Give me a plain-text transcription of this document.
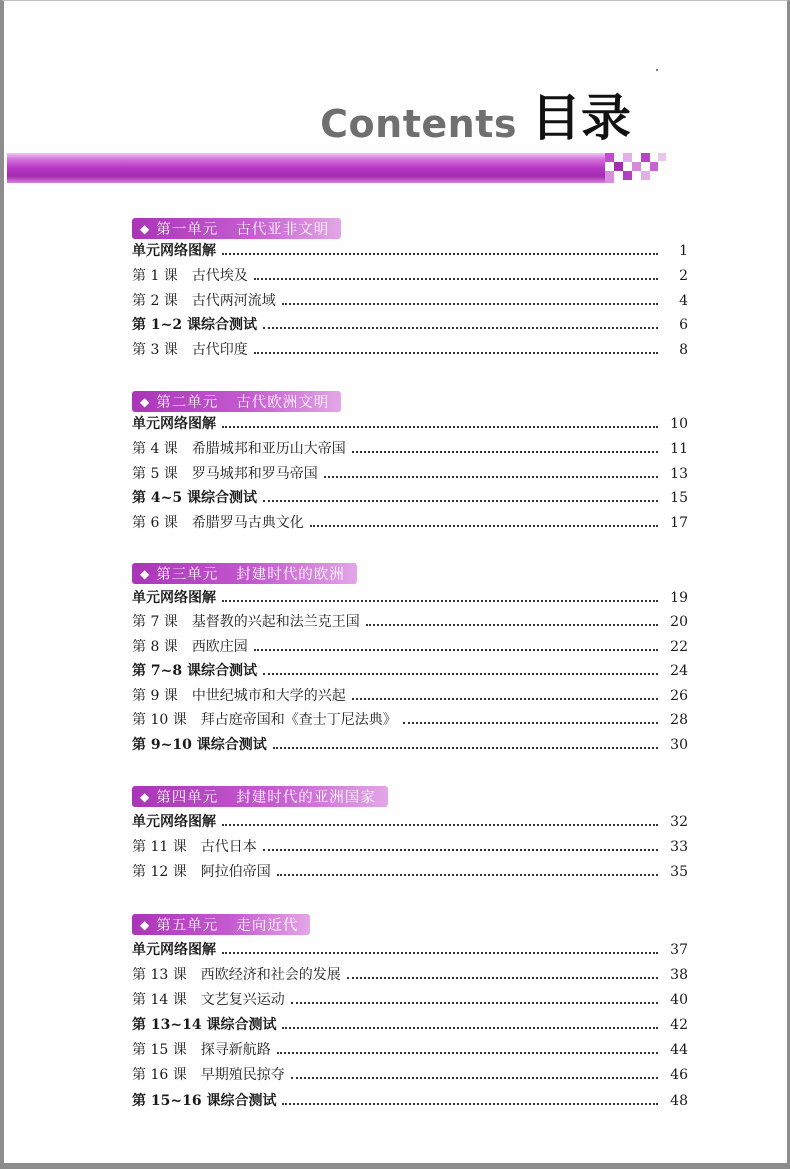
Contents 目录
◆ 第一单元 古代亚非文明
单元网络图解	1
第 1 课 古代埃及	2
第 2 课 古代两河流域	4
第 1~2 课综合测试	6
第 3 课 古代印度	8
◆ 第二单元 古代欧洲文明
单元网络图解	10
第 4 课 希腊城邦和亚历山大帝国	11
第 5 课 罗马城邦和罗马帝国	13
第 4~5 课综合测试	15
第 6 课 希腊罗马古典文化	17
◆ 第三单元 封建时代的欧洲
单元网络图解	19
第 7 课 基督教的兴起和法兰克王国	20
第 8 课 西欧庄园	22
第 7~8 课综合测试	24
第 9 课 中世纪城市和大学的兴起	26
第 10 课 拜占庭帝国和《查士丁尼法典》	28
第 9~10 课综合测试	30
◆ 第四单元 封建时代的亚洲国家
单元网络图解	32
第 11 课 古代日本	33
第 12 课 阿拉伯帝国	35
◆ 第五单元 走向近代
单元网络图解	37
第 13 课 西欧经济和社会的发展	38
第 14 课 文艺复兴运动	40
第 13~14 课综合测试	42
第 15 课 探寻新航路	44
第 16 课 早期殖民掠夺	46
第 15~16 课综合测试	48
